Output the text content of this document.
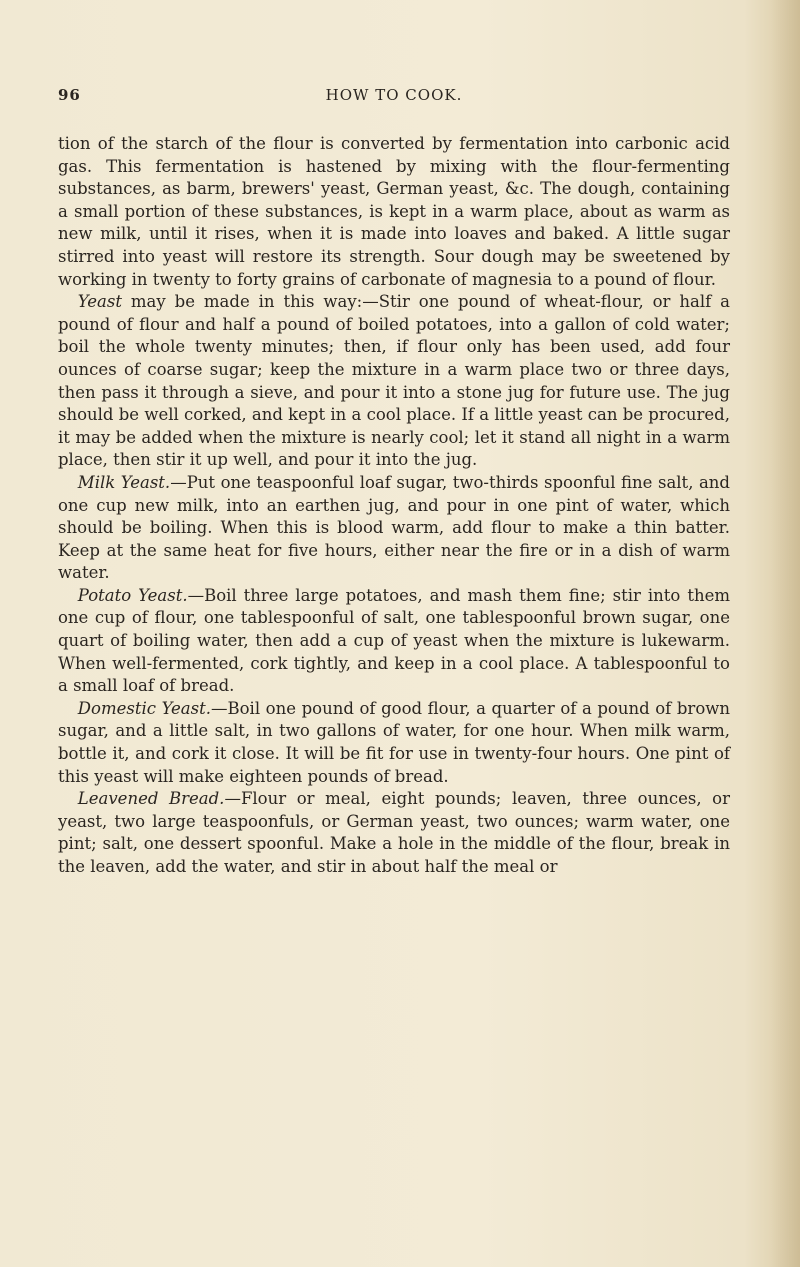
96	HOW TO COOK.

tion of the starch of the flour is converted by fermentation into carbonic acid gas. This fermentation is hastened by mixing with the flour-fermenting substances, as barm, brewers' yeast, German yeast, &c. The dough, containing a small portion of these substances, is kept in a warm place, about as warm as new milk, until it rises, when it is made into loaves and baked. A little sugar stirred into yeast will restore its strength. Sour dough may be sweetened by working in twenty to forty grains of carbonate of magnesia to a pound of flour.

Yeast may be made in this way:—Stir one pound of wheat-flour, or half a pound of flour and half a pound of boiled potatoes, into a gallon of cold water; boil the whole twenty minutes; then, if flour only has been used, add four ounces of coarse sugar; keep the mixture in a warm place two or three days, then pass it through a sieve, and pour it into a stone jug for future use. The jug should be well corked, and kept in a cool place. If a little yeast can be procured, it may be added when the mixture is nearly cool; let it stand all night in a warm place, then stir it up well, and pour it into the jug.

Milk Yeast.—Put one teaspoonful loaf sugar, two-thirds spoonful fine salt, and one cup new milk, into an earthen jug, and pour in one pint of water, which should be boiling. When this is blood warm, add flour to make a thin batter. Keep at the same heat for five hours, either near the fire or in a dish of warm water.

Potato Yeast.—Boil three large potatoes, and mash them fine; stir into them one cup of flour, one tablespoonful of salt, one tablespoonful brown sugar, one quart of boiling water, then add a cup of yeast when the mixture is lukewarm. When well-fermented, cork tightly, and keep in a cool place. A tablespoonful to a small loaf of bread.

Domestic Yeast.—Boil one pound of good flour, a quarter of a pound of brown sugar, and a little salt, in two gallons of water, for one hour. When milk warm, bottle it, and cork it close. It will be fit for use in twenty-four hours. One pint of this yeast will make eighteen pounds of bread.

Leavened Bread.—Flour or meal, eight pounds; leaven, three ounces, or yeast, two large teaspoonfuls, or German yeast, two ounces; warm water, one pint; salt, one dessert spoonful. Make a hole in the middle of the flour, break in the leaven, add the water, and stir in about half the meal or
